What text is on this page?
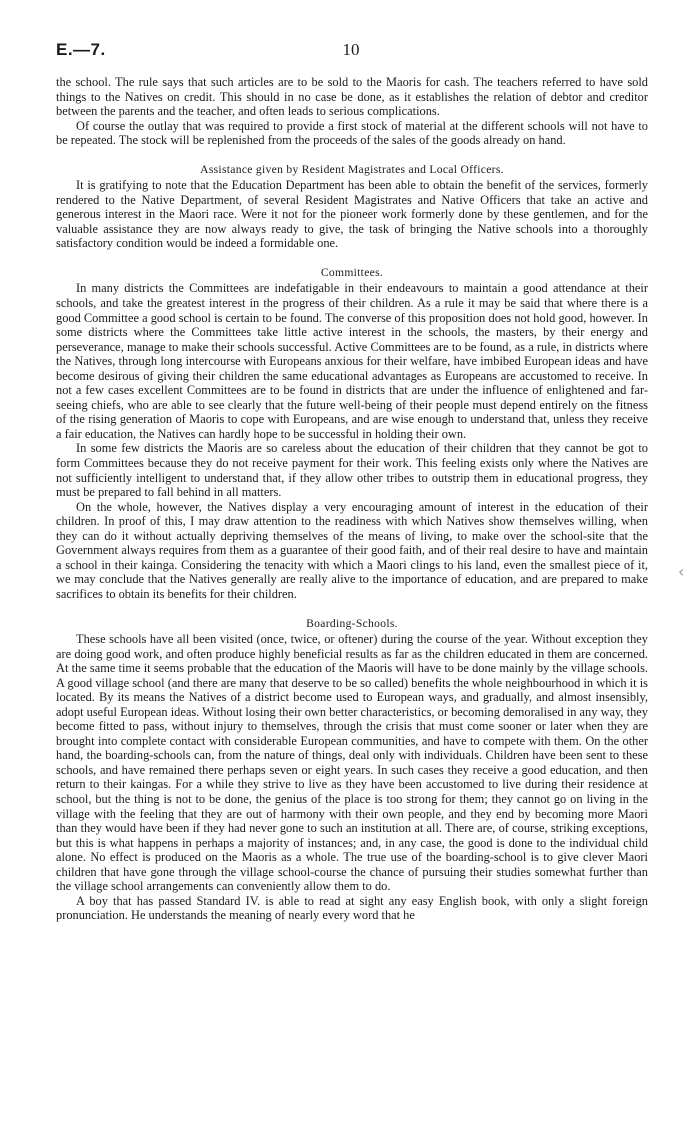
E.—7.	10

the school. The rule says that such articles are to be sold to the Maoris for cash. The teachers referred to have sold things to the Natives on credit. This should in no case be done, as it establishes the relation of debtor and creditor between the parents and the teacher, and often leads to serious complications.

Of course the outlay that was required to provide a first stock of material at the different schools will not have to be repeated. The stock will be replenished from the proceeds of the sales of the goods already on hand.

Assistance given by Resident Magistrates and Local Officers.

It is gratifying to note that the Education Department has been able to obtain the benefit of the services, formerly rendered to the Native Department, of several Resident Magistrates and Native Officers that take an active and generous interest in the Maori race. Were it not for the pioneer work formerly done by these gentlemen, and for the valuable assistance they are now always ready to give, the task of bringing the Native schools into a thoroughly satisfactory condition would be indeed a formidable one.

Committees.

In many districts the Committees are indefatigable in their endeavours to maintain a good attendance at their schools, and take the greatest interest in the progress of their children. As a rule it may be said that where there is a good Committee a good school is certain to be found. The converse of this proposition does not hold good, however. In some districts where the Committees take little active interest in the schools, the masters, by their energy and perseverance, manage to make their schools successful. Active Committees are to be found, as a rule, in districts where the Natives, through long intercourse with Europeans anxious for their welfare, have imbibed European ideas and have become desirous of giving their children the same educational advantages as Europeans are accustomed to receive. In not a few cases excellent Committees are to be found in districts that are under the influence of enlightened and far-seeing chiefs, who are able to see clearly that the future well-being of their people must depend entirely on the fitness of the rising generation of Maoris to cope with Europeans, and are wise enough to understand that, unless they receive a fair education, the Natives can hardly hope to be successful in holding their own.

In some few districts the Maoris are so careless about the education of their children that they cannot be got to form Committees because they do not receive payment for their work. This feeling exists only where the Natives are not sufficiently intelligent to understand that, if they allow other tribes to outstrip them in educational progress, they must be prepared to fall behind in all matters.

On the whole, however, the Natives display a very encouraging amount of interest in the education of their children. In proof of this, I may draw attention to the readiness with which Natives show themselves willing, when they can do it without actually depriving themselves of the means of living, to make over the school-site that the Government always requires from them as a guarantee of their good faith, and of their real desire to have and maintain a school in their kainga. Considering the tenacity with which a Maori clings to his land, even the smallest piece of it, we may conclude that the Natives generally are really alive to the importance of education, and are prepared to make sacrifices to obtain its benefits for their children.

Boarding-Schools.

These schools have all been visited (once, twice, or oftener) during the course of the year. Without exception they are doing good work, and often produce highly beneficial results as far as the children educated in them are concerned. At the same time it seems probable that the education of the Maoris will have to be done mainly by the village schools. A good village school (and there are many that deserve to be so called) benefits the whole neighbourhood in which it is located. By its means the Natives of a district become used to European ways, and gradually, and almost insensibly, adopt useful European ideas. Without losing their own better characteristics, or becoming demoralised in any way, they become fitted to pass, without injury to themselves, through the crisis that must come sooner or later when they are brought into complete contact with considerable European communities, and have to compete with them. On the other hand, the boarding-schools can, from the nature of things, deal only with individuals. Children have been sent to these schools, and have remained there perhaps seven or eight years. In such cases they receive a good education, and then return to their kaingas. For a while they strive to live as they have been accustomed to live during their residence at school, but the thing is not to be done, the genius of the place is too strong for them; they cannot go on living in the village with the feeling that they are out of harmony with their own people, and they end by becoming more Maori than they would have been if they had never gone to such an institution at all. There are, of course, striking exceptions, but this is what happens in perhaps a majority of instances; and, in any case, the good is done to the individual child alone. No effect is produced on the Maoris as a whole. The true use of the boarding-school is to give clever Maori children that have gone through the village school-course the chance of pursuing their studies somewhat further than the village school arrangements can conveniently allow them to do.

A boy that has passed Standard IV. is able to read at sight any easy English book, with only a slight foreign pronunciation. He understands the meaning of nearly every word that he

‹
